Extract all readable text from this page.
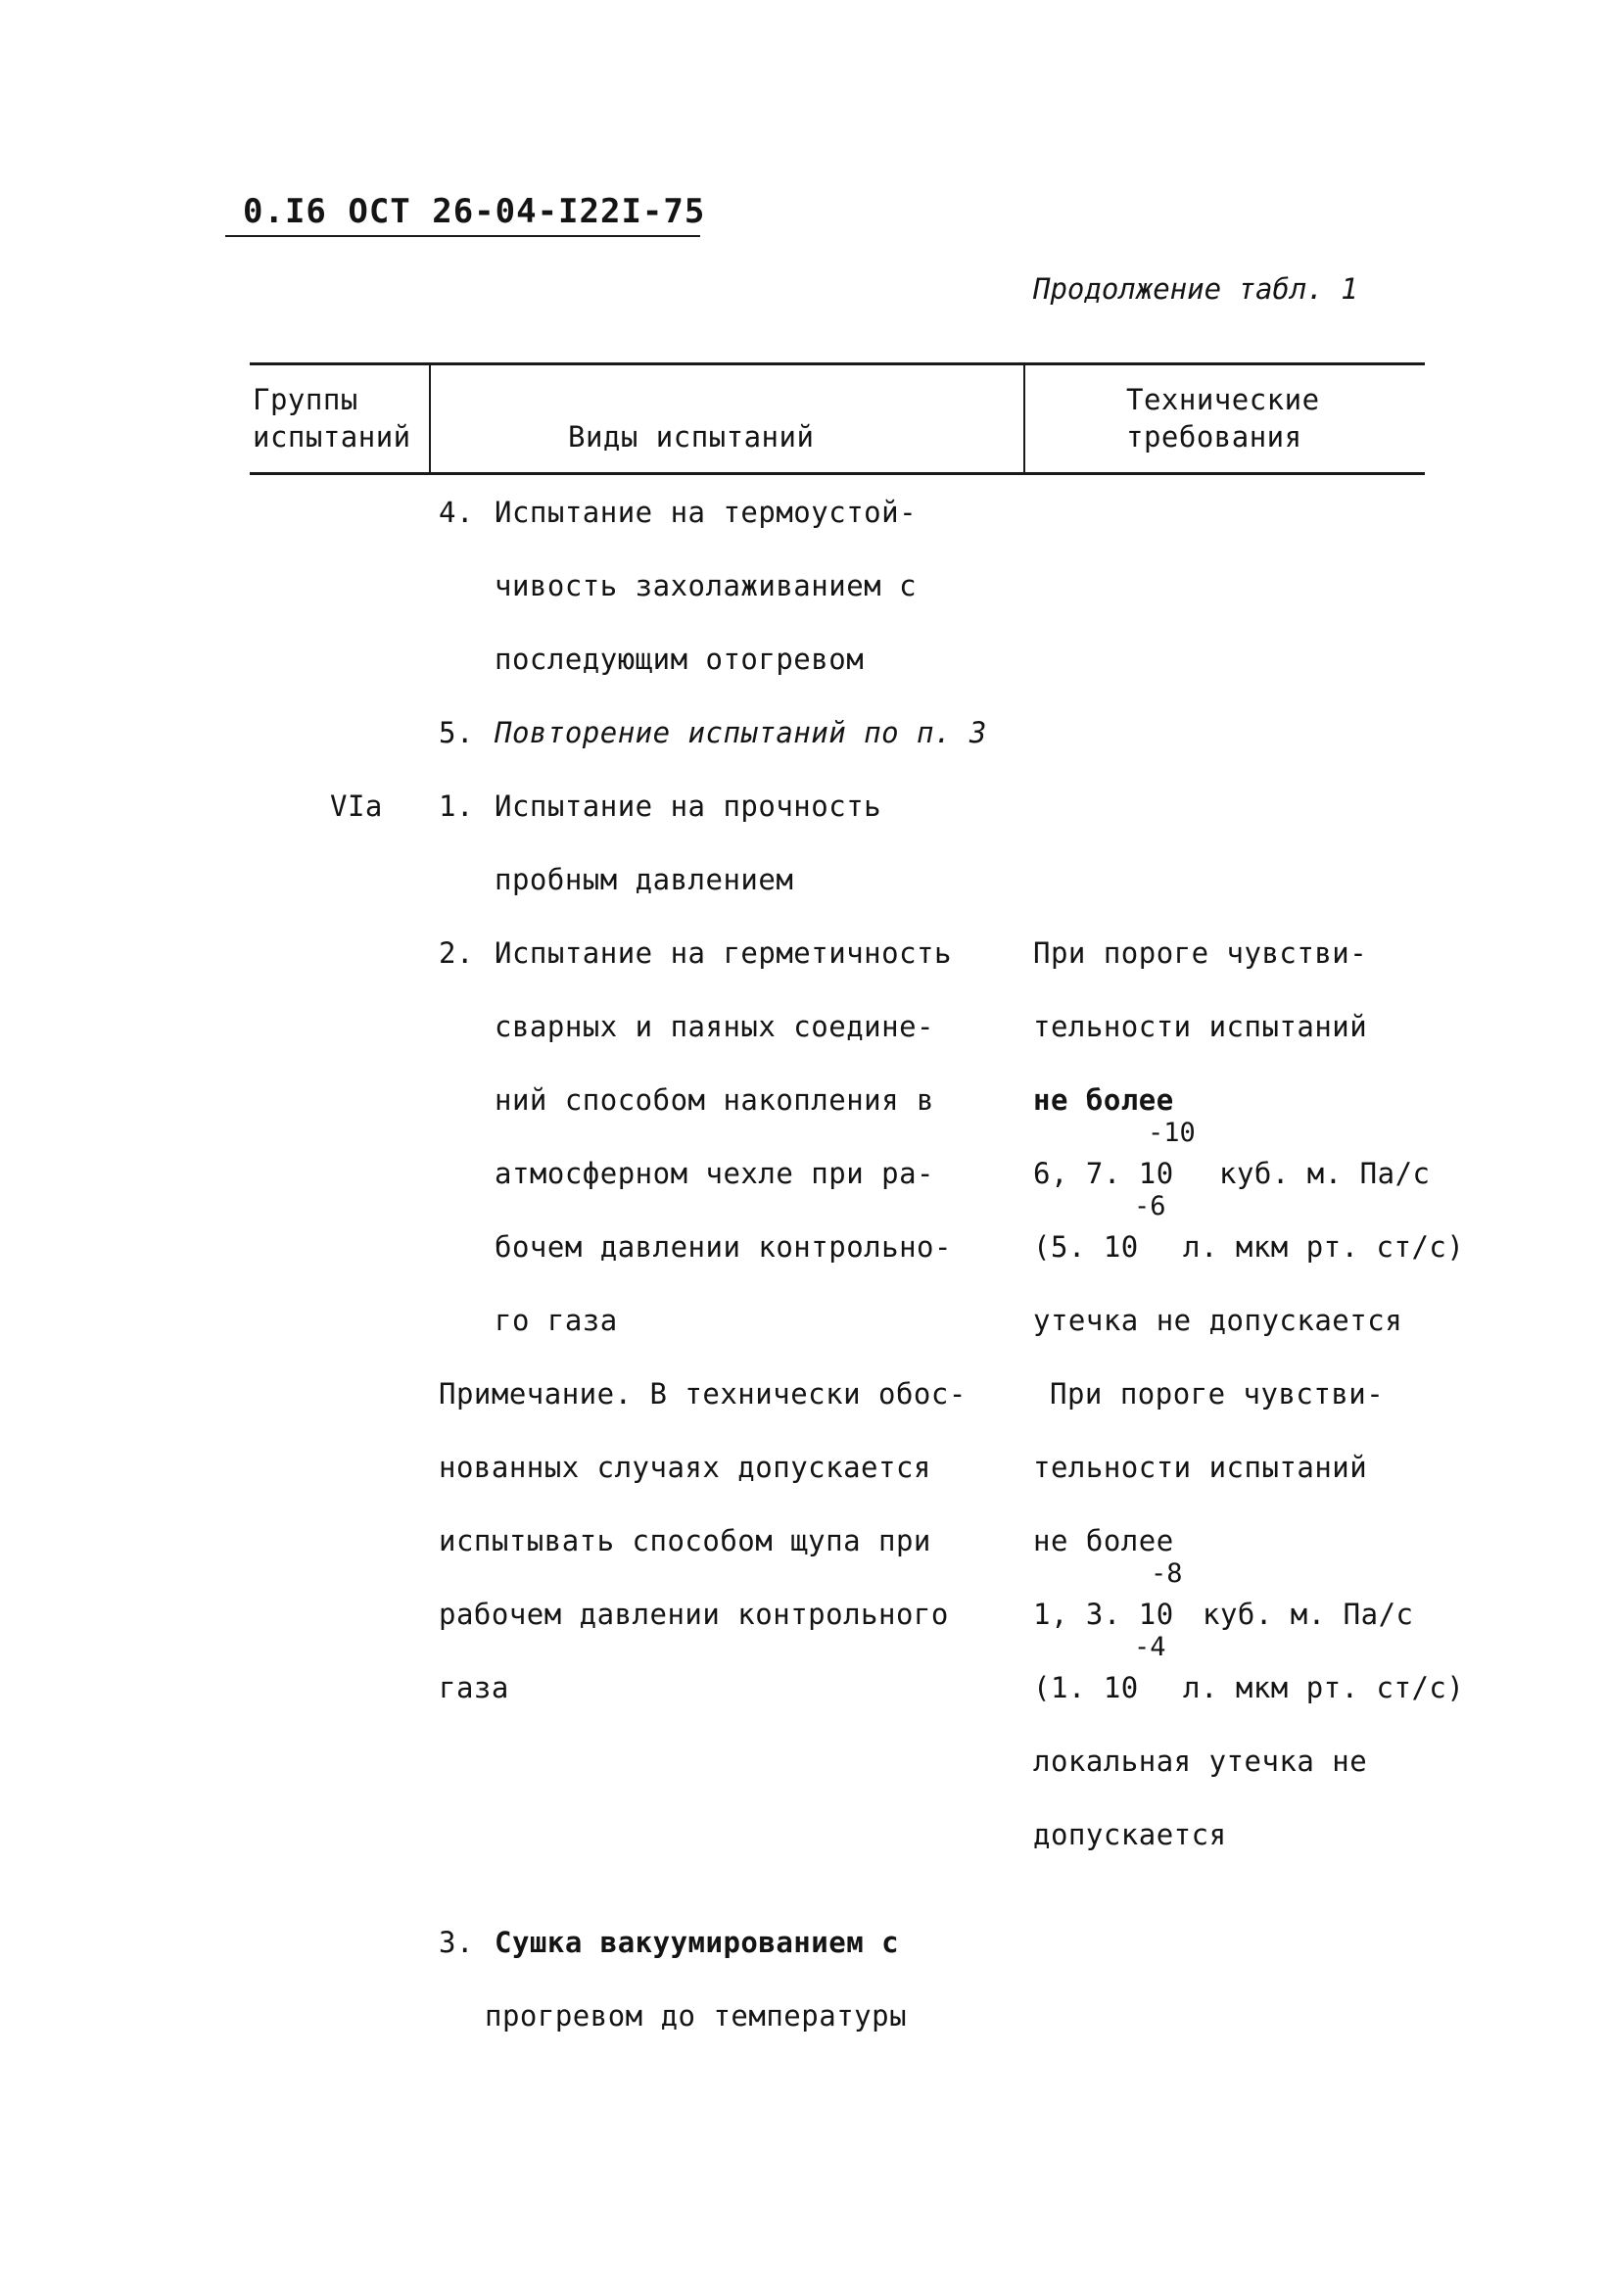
0.I6 ОСТ 26-04-I22I-75
Продолжение табл. 1
Группы
испытаний	Виды испытаний
Технические
требования
4. Испытание на термоустой-
чивость захолаживанием с
последующим отогревом
5. Повторение испытаний по п. 3
VIа 1. Испытание на прочность
пробным давлением
2. Испытание на герметичность
сварных и паяных соедине-
ний способом накопления в
атмосферном чехле при ра-
бочем давлении контрольно-
го газа
При пороге чувстви-
тельности испытаний
не более
-10
6, 7. 10 куб. м. Па/с
-6
(5. 10 л. мкм рт. ст/с)
утечка не допускается
Примечание. В технически обос-
нованных случаях допускается
испытывать способом щупа при
рабочем давлении контрольного
газа
При пороге чувстви-
тельности испытаний
не более
-8
1, 3. 10 куб. м. Па/с
-4
(1. 10 л. мкм рт. ст/с)
локальная утечка не
допускается
3. Сушка вакуумированием с
прогревом до температуры
